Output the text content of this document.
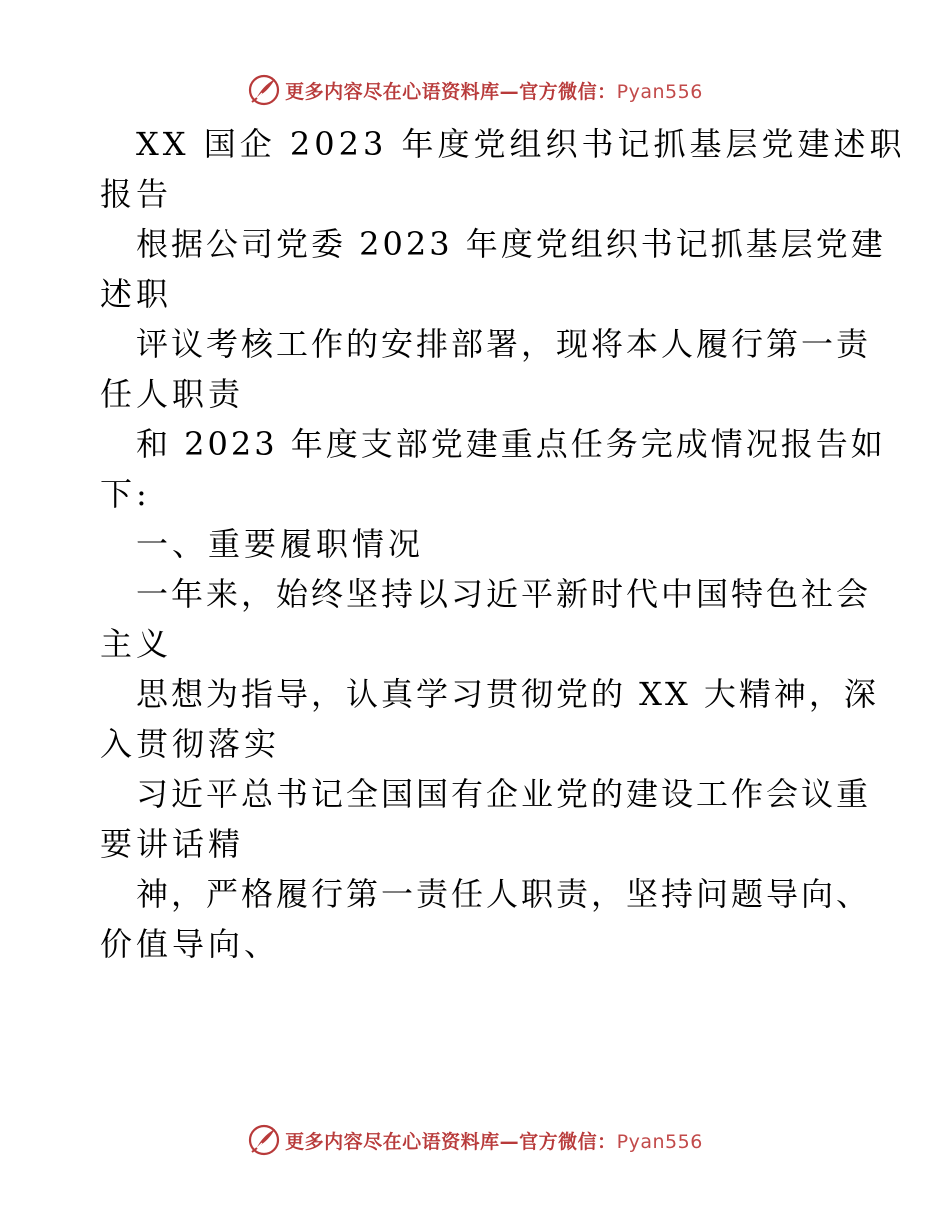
更多内容尽在心语资料库—官方微信：Pyan556
XX 国企 2023 年度党组织书记抓基层党建述职
报告
根据公司党委 2023 年度党组织书记抓基层党建
述职
评议考核工作的安排部署，现将本人履行第一责
任人职责
和 2023 年度支部党建重点任务完成情况报告如
下:
一、重要履职情况
一年来，始终坚持以习近平新时代中国特色社会
主义
思想为指导，认真学习贯彻党的 XX 大精神，深
入贯彻落实
习近平总书记全国国有企业党的建设工作会议重
要讲话精
神，严格履行第一责任人职责，坚持问题导向、
价值导向、
更多内容尽在心语资料库—官方微信：Pyan556
